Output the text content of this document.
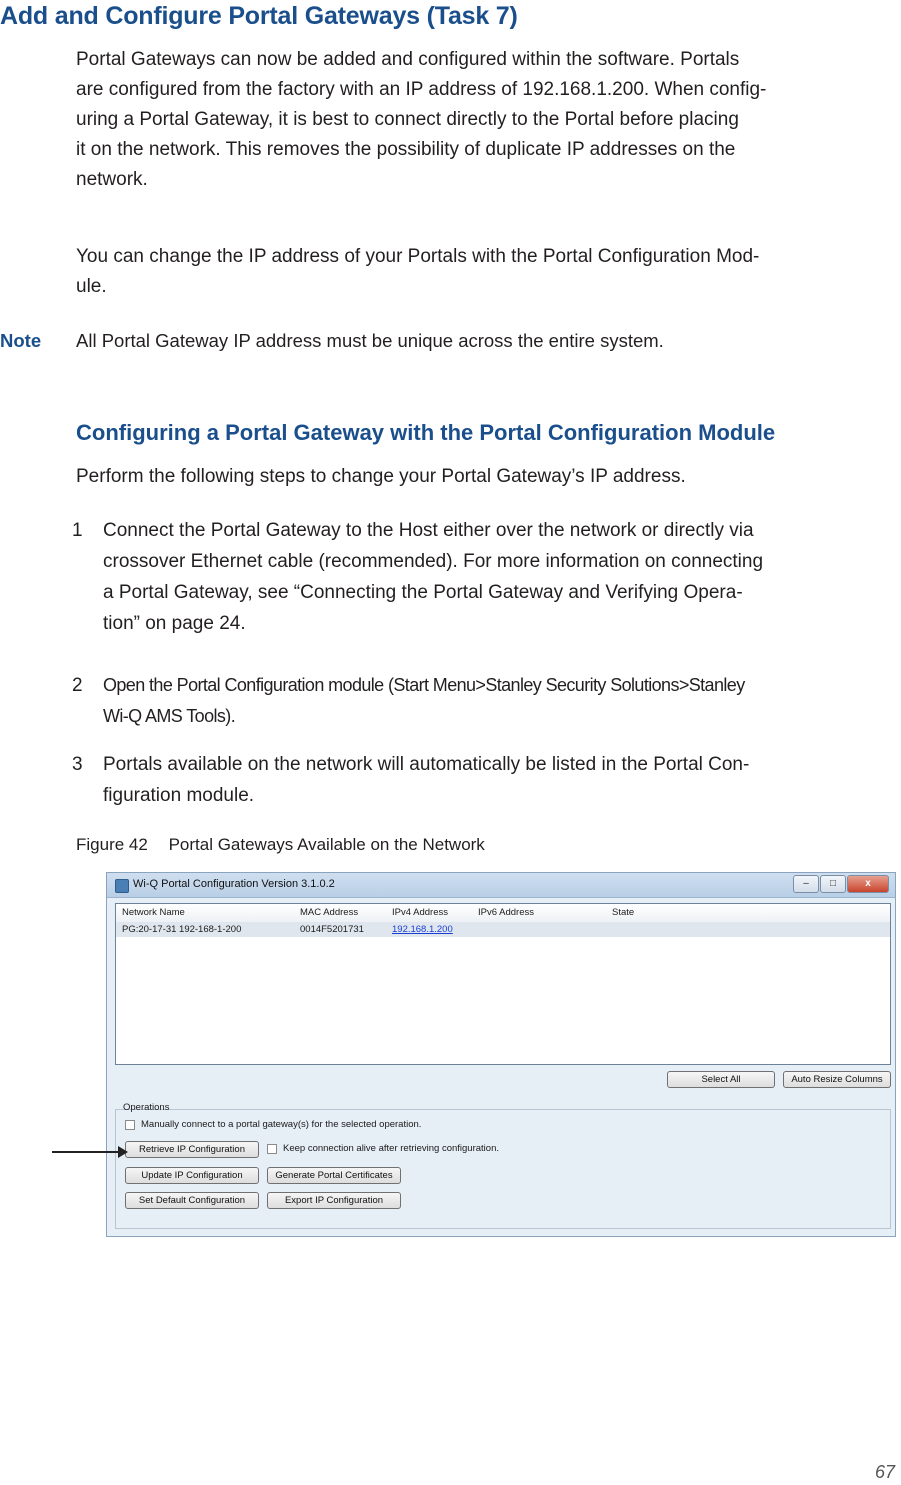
Add and Configure Portal Gateways (Task 7)
Portal Gateways can now be added and configured within the software. Portals
are configured from the factory with an IP address of 192.168.1.200. When config-
uring a Portal Gateway, it is best to connect directly to the Portal before placing
it on the network. This removes the possibility of duplicate IP addresses on the
network.
You can change the IP address of your Portals with the Portal Configuration Mod-
ule.
Note All Portal Gateway IP address must be unique across the entire system.
Configuring a Portal Gateway with the Portal Configuration Module
Perform the following steps to change your Portal Gateway’s IP address.
1 Connect the Portal Gateway to the Host either over the network or directly via
crossover Ethernet cable (recommended). For more information on connecting
a Portal Gateway, see “Connecting the Portal Gateway and Verifying Opera-
tion” on page 24.
2 Open the Portal Configuration module (Start Menu>Stanley Security Solutions>Stanley
Wi-Q AMS Tools).
3 Portals available on the network will automatically be listed in the Portal Con-
figuration module.
Figure 42 Portal Gateways Available on the Network
Wi-Q Portal Configuration Version 3.1.0.2	–	□	x
Network Name	MAC Address	IPv4 Address	IPv6 Address	State
PG:20-17-31 192-168-1-200	0014F5201731	192.168.1.200
Select All	Auto Resize Columns
Operations
Manually connect to a portal gateway(s) for the selected operation.
Retrieve IP Configuration	Keep connection alive after retrieving configuration.
Update IP Configuration	Generate Portal Certificates
Set Default Configuration	Export IP Configuration
67
